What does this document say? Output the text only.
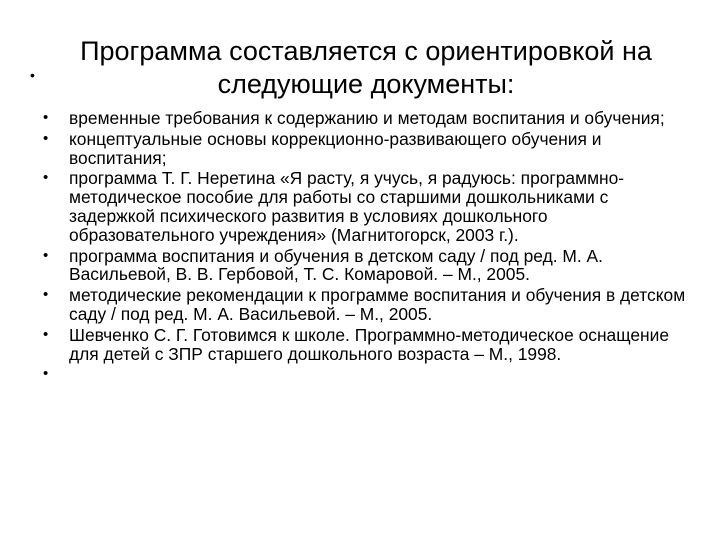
•
Программа составляется с ориентировкой на
следующие документы:
• временные требования к содержанию и методам воспитания и обучения;
• концептуальные основы коррекционно-развивающего обучения и воспитания;
• программа Т. Г. Неретина «Я расту, я учусь, я радуюсь: программно-методическое пособие для работы со старшими дошкольниками с задержкой психического развития в условиях дошкольного образовательного учреждения» (Магнитогорск, 2003 г.).
• программа воспитания и обучения в детском саду / под ред. М. А. Васильевой, В. В. Гербовой, Т. С. Комаровой. – М., 2005.
• методические рекомендации к программе воспитания и обучения в детском саду / под ред. М. А. Васильевой. – М., 2005.
• Шевченко С. Г. Готовимся к школе. Программно-методическое оснащение для детей с ЗПР старшего дошкольного возраста – М., 1998.
•
